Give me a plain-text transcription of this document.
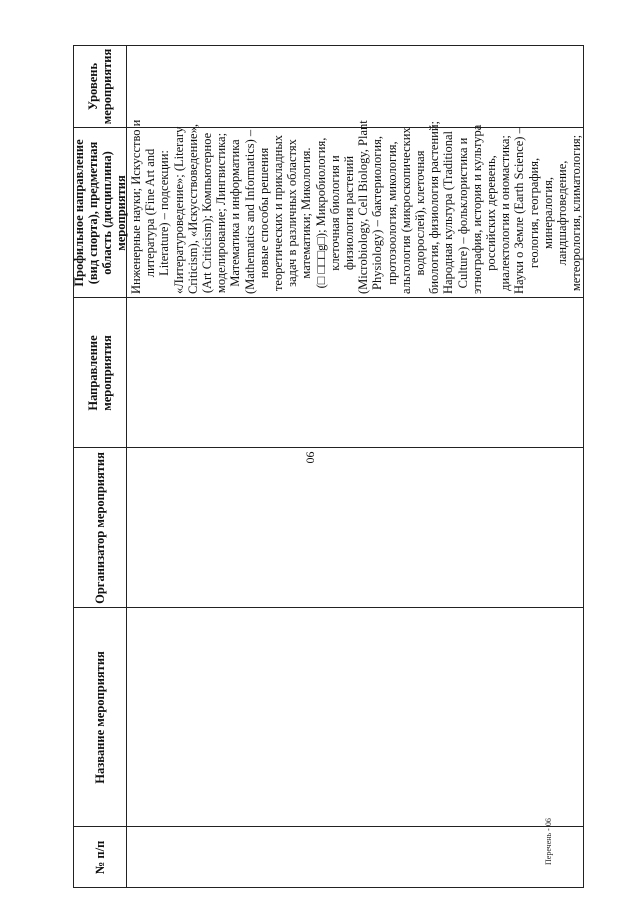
90
Перечень - 06
№ п/п
Название мероприятия
Организатор мероприятия
Направление мероприятия
Профильное направление (вид спорта), предметная область (дисциплина) мероприятия
Уровень мероприятия
Инженерные науки; Искусство и литература (Fine Art and Literature) – подсекции: «Литературоведение»; (Literary Criticism), «Искусствоведение», (Art Criticism); Компьютерное моделирование; Лингвистика; Математика и информатика (Mathematics and Informatics) – новые способы решения теоретических и прикладных задач в различных областях математики; Микология. (□ □□□g□); Микробиология, клеточная биология и физиология растений (Microbiology, Cell Biology, Plant Physiology) – бактериология, протозоология, микология, альгология (микроскопических водорослей), клеточная биология, физиология растений; Народная культура (Traditional Culture) – фольклористика и этнография, история и культура российских деревень, диалектология и ономастика; Науки о Земле (Earth Science) – геология, география, минералогия, ландшафтоведение, метеорология, климатология;
